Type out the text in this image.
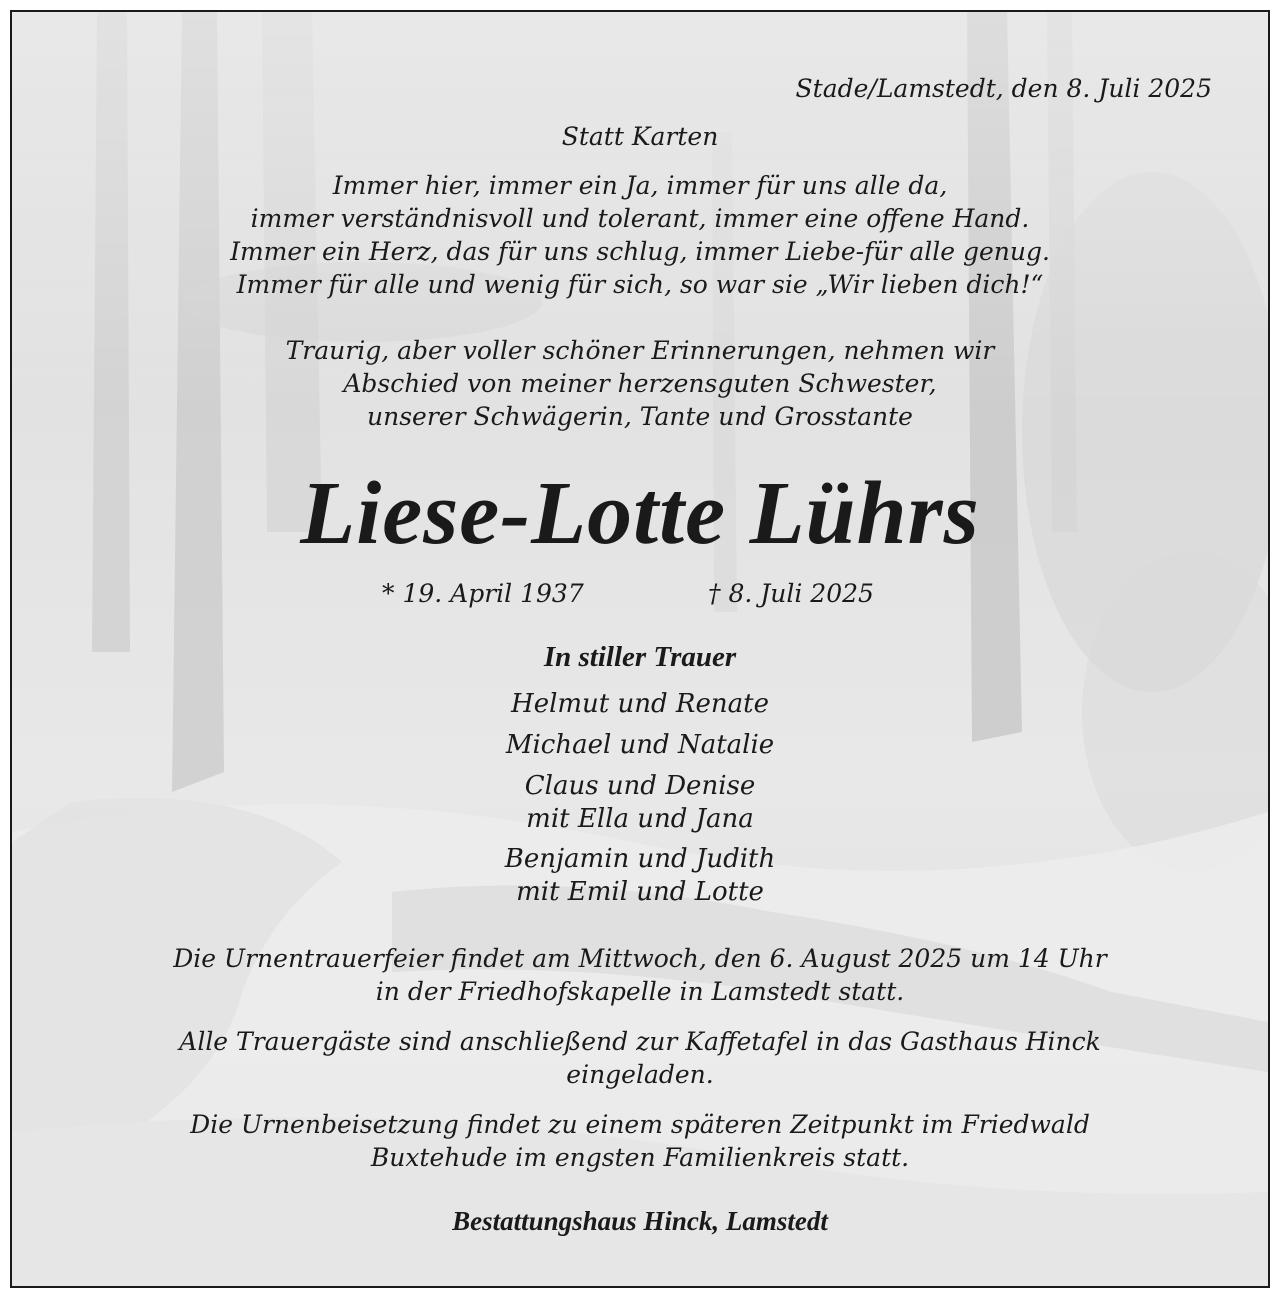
Stade/Lamstedt, den 8. Juli 2025
Statt Karten
Immer hier, immer ein Ja, immer für uns alle da,
immer verständnisvoll und tolerant, immer eine offene Hand.
Immer ein Herz, das für uns schlug, immer Liebe-für alle genug.
Immer für alle und wenig für sich, so war sie „Wir lieben dich!“
Traurig, aber voller schöner Erinnerungen, nehmen wir
Abschied von meiner herzensguten Schwester,
unserer Schwägerin, Tante und Grosstante
Liese-Lotte Lührs
* 19. April 1937	† 8. Juli 2025
In stiller Trauer
Helmut und Renate
Michael und Natalie
Claus und Denise
mit Ella und Jana
Benjamin und Judith
mit Emil und Lotte
Die Urnentrauerfeier findet am Mittwoch, den 6. August 2025 um 14 Uhr
in der Friedhofskapelle in Lamstedt statt.
Alle Trauergäste sind anschließend zur Kaffetafel in das Gasthaus Hinck
eingeladen.
Die Urnenbeisetzung findet zu einem späteren Zeitpunkt im Friedwald
Buxtehude im engsten Familienkreis statt.
Bestattungshaus Hinck, Lamstedt
